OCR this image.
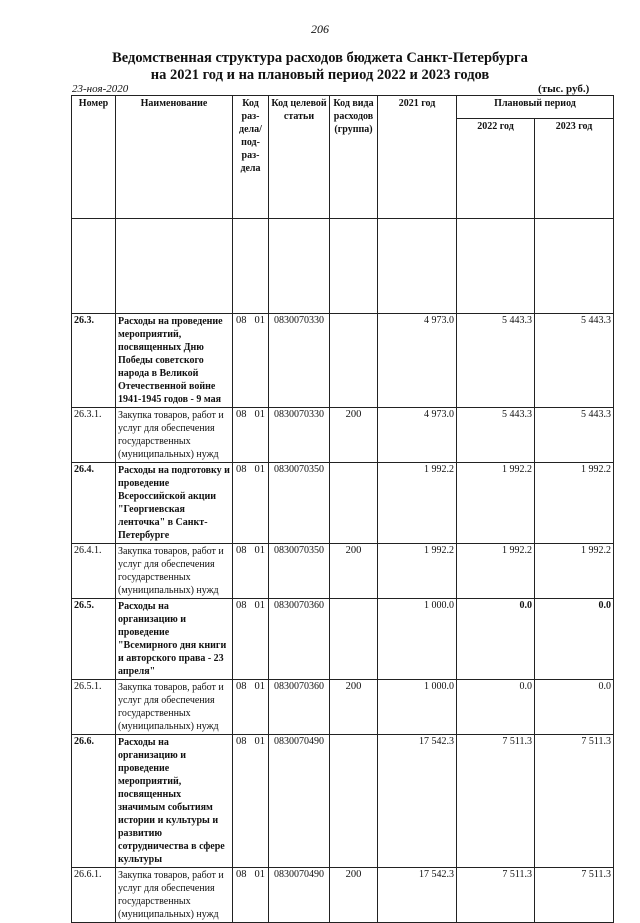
206
Ведомственная структура расходов бюджета Санкт-Петербурга
на 2021 год и на плановый период 2022 и 2023 годов
23-ноя-2020	(тыс. руб.)
Номер	Наименование	Код раз-дела/ под-раз-дела	Код целевой статьи	Код вида расходов (группа)	2021 год	Плановый период	
						2022 год	2023 год

26.3.	Расходы на проведение мероприятий, посвященных Дню Победы советского народа в Великой Отечественной войне 1941-1945 годов - 9 мая	08 01	0830070330		4 973.0	5 443.3	5 443.3
26.3.1.	Закупка товаров, работ и услуг для обеспечения государственных (муниципальных) нужд	08 01	0830070330	200	4 973.0	5 443.3	5 443.3
26.4.	Расходы на подготовку и проведение Всероссийской акции "Георгиевская ленточка" в Санкт-Петербурге	08 01	0830070350		1 992.2	1 992.2	1 992.2
26.4.1.	Закупка товаров, работ и услуг для обеспечения государственных (муниципальных) нужд	08 01	0830070350	200	1 992.2	1 992.2	1 992.2
26.5.	Расходы на организацию и проведение "Всемирного дня книги и авторского права - 23 апреля"	08 01	0830070360		1 000.0	0.0	0.0
26.5.1.	Закупка товаров, работ и услуг для обеспечения государственных (муниципальных) нужд	08 01	0830070360	200	1 000.0	0.0	0.0
26.6.	Расходы на организацию и проведение мероприятий, посвященных значимым событиям истории и культуры и развитию сотрудничества в сфере культуры	08 01	0830070490		17 542.3	7 511.3	7 511.3
26.6.1.	Закупка товаров, работ и услуг для обеспечения государственных (муниципальных) нужд	08 01	0830070490	200	17 542.3	7 511.3	7 511.3
